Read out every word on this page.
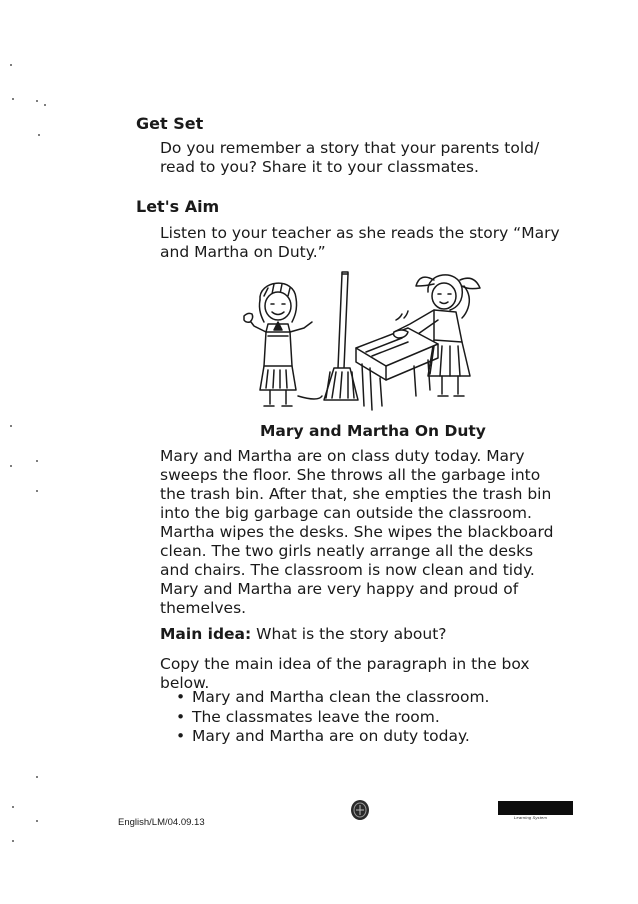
Get Set
Do you remember a story that your parents told/
read to you? Share it to your classmates.
Let's Aim
Listen to your teacher as she reads the story “Mary
and Martha on Duty.”
Mary and Martha On Duty

Mary and Martha are on class duty today. Mary

sweeps the floor. She throws all the garbage into

the trash bin. After that, she empties the trash bin

into the big garbage can outside the classroom.

Martha wipes the desks. She wipes the blackboard

clean. The two girls neatly arrange all the desks

and chairs. The classroom is now clean and tidy.

Mary and Martha are very happy and proud of

themelves.

Main idea: What is the story about?
Copy the main idea of the paragraph in the box
below.
• Mary and Martha clean the classroom.
• The classmates leave the room.
• Mary and Martha are on duty today.
English/LM/04.09.13	Learning System
